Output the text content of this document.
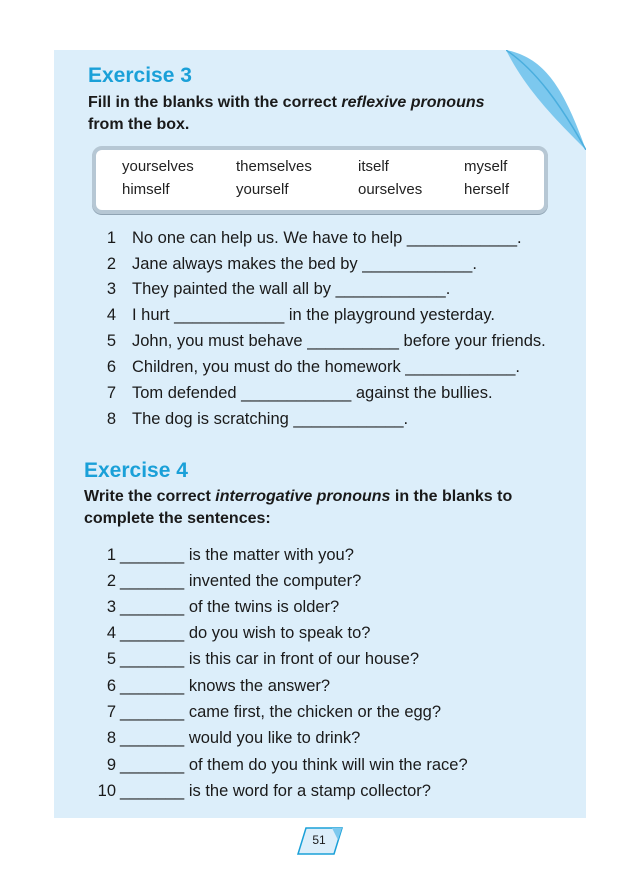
Exercise 3
Fill in the blanks with the correct reflexive pronouns
from the box.
yourselves	themselves	itself	myself
himself	yourself	ourselves	herself
1 No one can help us. We have to help ____________.
2 Jane always makes the bed by ____________.
3 They painted the wall all by ____________.
4 I hurt ____________ in the playground yesterday.
5 John, you must behave __________ before your friends.
6 Children, you must do the homework ____________.
7 Tom defended ____________ against the bullies.
8 The dog is scratching ____________.
Exercise 4
Write the correct interrogative pronouns in the blanks to
complete the sentences:
1 _______ is the matter with you?
2 _______ invented the computer?
3 _______ of the twins is older?
4 _______ do you wish to speak to?
5 _______ is this car in front of our house?
6 _______ knows the answer?
7 _______ came first, the chicken or the egg?
8 _______ would you like to drink?
9 _______ of them do you think will win the race?
10 _______ is the word for a stamp collector?
51
